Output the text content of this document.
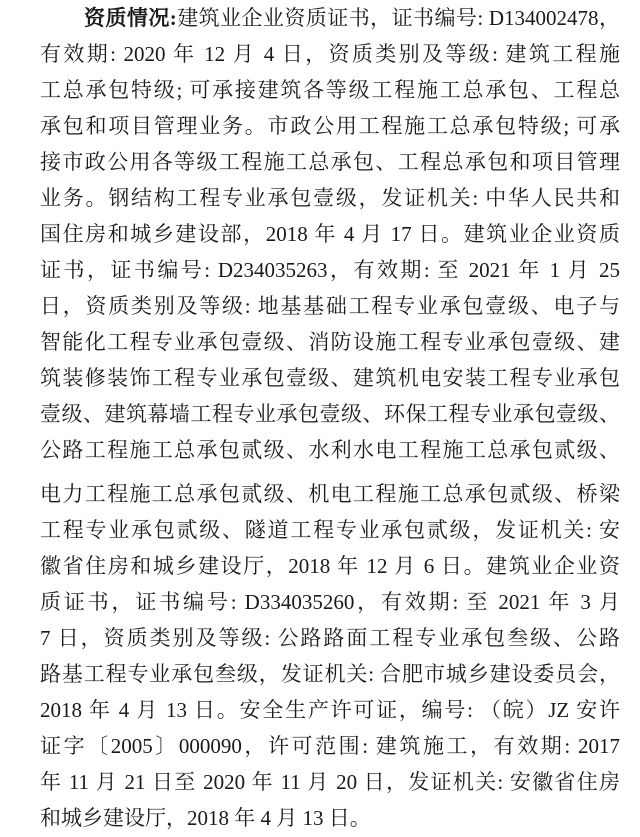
资质情况:建筑业企业资质证书，证书编号: D134002478，
有效期: 2020 年 12 月 4 日，资质类别及等级: 建筑工程施
工总承包特级; 可承接建筑各等级工程施工总承包、工程总
承包和项目管理业务。市政公用工程施工总承包特级; 可承
接市政公用各等级工程施工总承包、工程总承包和项目管理
业务。钢结构工程专业承包壹级，发证机关: 中华人民共和
国住房和城乡建设部，2018 年 4 月 17 日。建筑业企业资质
证书，证书编号: D234035263，有效期: 至 2021 年 1 月 25
日，资质类别及等级: 地基基础工程专业承包壹级、电子与
智能化工程专业承包壹级、消防设施工程专业承包壹级、建
筑装修装饰工程专业承包壹级、建筑机电安装工程专业承包
壹级、建筑幕墙工程专业承包壹级、环保工程专业承包壹级、
公路工程施工总承包贰级、水利水电工程施工总承包贰级、
电力工程施工总承包贰级、机电工程施工总承包贰级、桥梁
工程专业承包贰级、隧道工程专业承包贰级，发证机关: 安
徽省住房和城乡建设厅，2018 年 12 月 6 日。建筑业企业资
质证书，证书编号: D334035260，有效期: 至 2021 年 3 月
7 日，资质类别及等级: 公路路面工程专业承包叁级、公路
路基工程专业承包叁级，发证机关: 合肥市城乡建设委员会，
2018 年 4 月 13 日。安全生产许可证，编号: （皖）JZ 安许
证字〔2005〕000090，许可范围: 建筑施工，有效期: 2017
年 11 月 21 日至 2020 年 11 月 20 日，发证机关: 安徽省住房
和城乡建设厅，2018 年 4 月 13 日。
